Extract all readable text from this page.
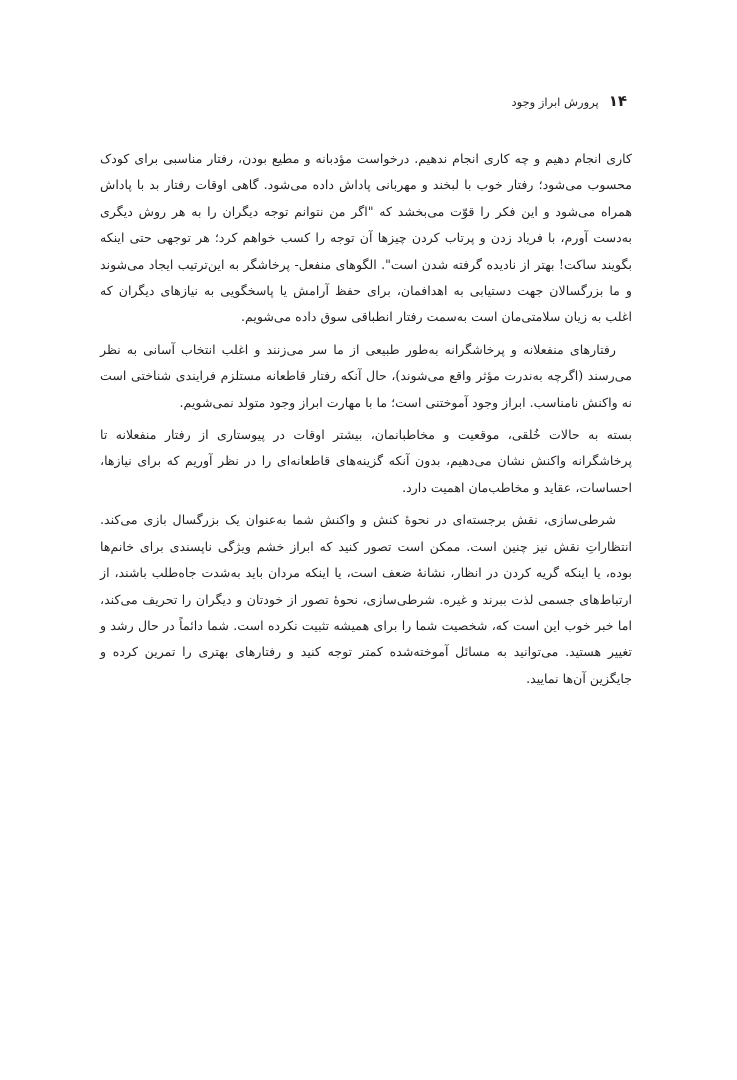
۱۴
پرورش ابراز وجود

کاری انجام دهیم و چه کاری انجام ندهیم. درخواست مؤدبانه و مطیع بودن، رفتار مناسبی برای کودک محسوب می‌شود؛ رفتار خوب با لبخند و مهربانی پاداش داده می‌شود. گاهی اوقات رفتار بد با پاداش همراه می‌شود و این فکر را قوّت می‌بخشد که "اگر من نتوانم توجه دیگران را به هر روش دیگری به‌دست آورم، با فریاد زدن و پرتاب کردن چیزها آن توجه را کسب خواهم کرد؛ هر توجهی حتی اینکه بگویند ساکت! بهتر از نادیده گرفته شدن است". الگوهای منفعل- پرخاشگر به این‌ترتیب ایجاد می‌شوند و ما بزرگسالان جهت دستیابی به اهدافمان، برای حفظ آرامش یا پاسخگویی به نیازهای دیگران که اغلب به زیان سلامتی‌مان است به‌سمت رفتار انطباقی سوق داده می‌شویم.

رفتارهای منفعلانه و پرخاشگرانه به‌طور طبیعی از ما سر می‌زنند و اغلب انتخاب آسانی به نظر می‌رسند (اگرچه به‌ندرت مؤثر واقع می‌شوند)، حال آنکه رفتار قاطعانه مستلزم فرایندی شناختی است نه واکنش نامناسب. ابراز وجود آموختنی است؛ ما با مهارت ابراز وجود متولد نمی‌شویم.

بسته به حالات خُلقی، موقعیت و مخاطبانمان، بیشتر اوقات در پیوستاری از رفتار منفعلانه تا پرخاشگرانه واکنش نشان می‌دهیم، بدون آنکه گزینه‌های قاطعانه‌ای را در نظر آوریم که برای نیازها، احساسات، عقاید و مخاطب‌مان اهمیت دارد.

شرطی‌سازی، نقش برجسته‌ای در نحوهٔ کنش و واکنش شما به‌عنوان یک بزرگسال بازی می‌کند. انتظاراتِ نقش نیز چنین است. ممکن است تصور کنید که ابراز خشم ویژگی ناپسندی برای خانم‌ها بوده، یا اینکه گریه کردن در انظار، نشانهٔ ضعف است، یا اینکه مردان باید به‌شدت جاه‌طلب باشند، از ارتباط‌های جسمی لذت ببرند و غیره. شرطی‌سازی، نحوهٔ تصور از خودتان و دیگران را تحریف می‌کند، اما خبر خوب این است که، شخصیت شما را برای همیشه تثبیت نکرده است. شما دائماً در حال رشد و تغییر هستید. می‌توانید به مسائل آموخته‌شده کمتر توجه کنید و رفتارهای بهتری را تمرین کرده و جایگزین آن‌ها نمایید.
